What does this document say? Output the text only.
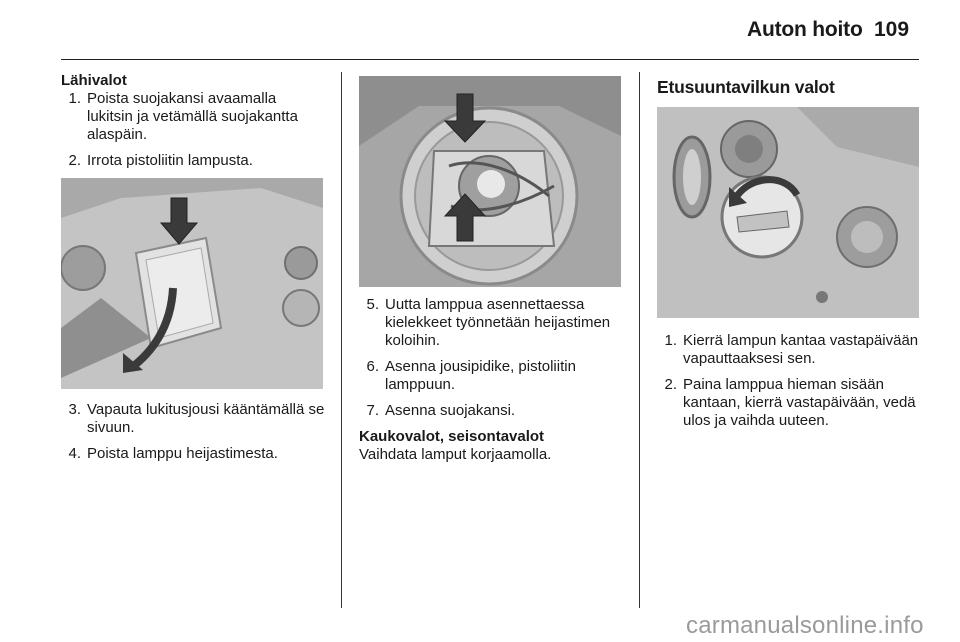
Auton hoito 109

Lähivalot

1. Poista suojakansi avaamalla lukitsin ja vetämällä suojakantta alaspäin.
2. Irrota pistoliitin lampusta.
3. Vapauta lukitusjousi kääntämällä se sivuun.
4. Poista lamppu heijastimesta.
5. Uutta lamppua asennettaessa kielekkeet työnnetään heijastimen koloihin.
6. Asenna jousipidike, pistoliitin lamppuun.
7. Asenna suojakansi.

Kaukovalot, seisontavalot

Vaihdata lamput korjaamolla.

Etusuuntavilkun valot

1. Kierrä lampun kantaa vastapäivään vapauttaaksesi sen.
2. Paina lamppua hieman sisään kantaan, kierrä vastapäivään, vedä ulos ja vaihda uuteen.
carmanualsonline.info
